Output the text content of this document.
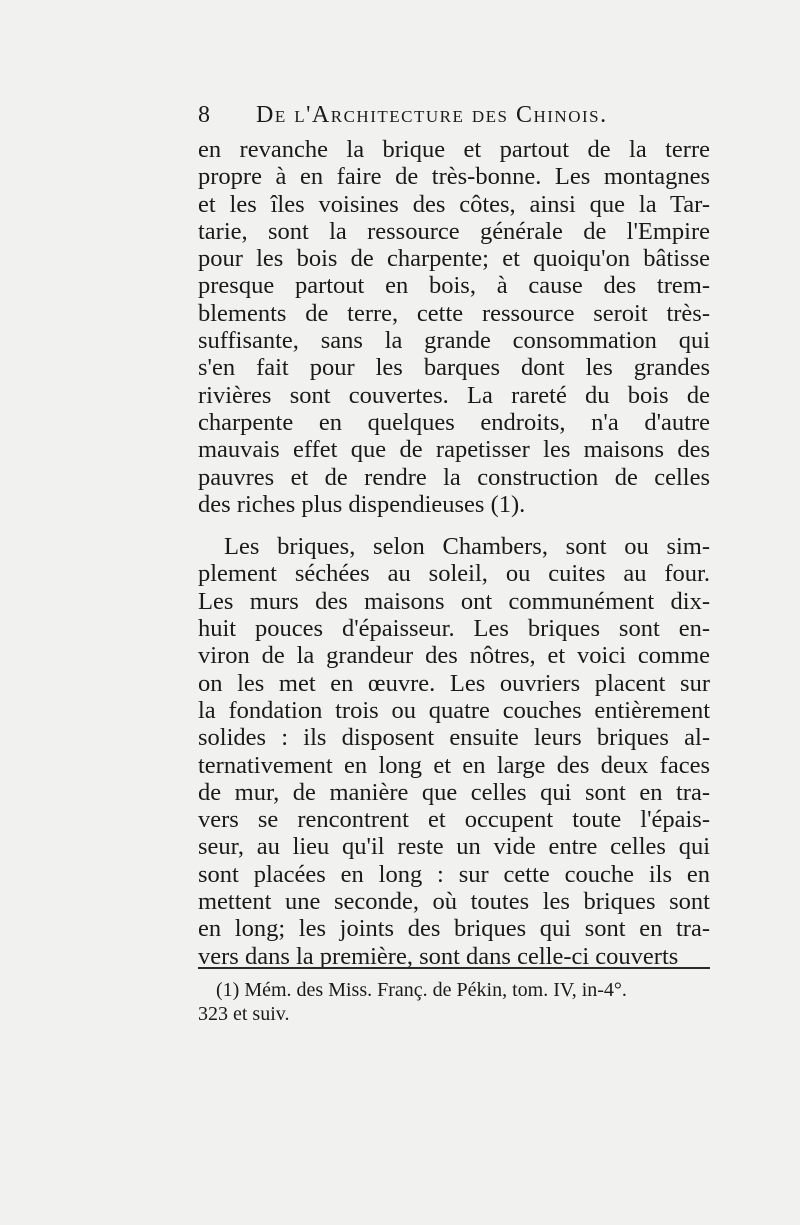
8 De l'Architecture des Chinois.
en revanche la brique et partout de la terre
propre à en faire de très-bonne. Les montagnes
et les îles voisines des côtes, ainsi que la Tar-
tarie, sont la ressource générale de l'Empire
pour les bois de charpente; et quoiqu'on bâtisse
presque partout en bois, à cause des trem-
blements de terre, cette ressource seroit très-
suffisante, sans la grande consommation qui
s'en fait pour les barques dont les grandes
rivières sont couvertes. La rareté du bois de
charpente en quelques endroits, n'a d'autre
mauvais effet que de rapetisser les maisons des
pauvres et de rendre la construction de celles
des riches plus dispendieuses (1).
Les briques, selon Chambers, sont ou sim-
plement séchées au soleil, ou cuites au four.
Les murs des maisons ont communément dix-
huit pouces d'épaisseur. Les briques sont en-
viron de la grandeur des nôtres, et voici comme
on les met en œuvre. Les ouvriers placent sur
la fondation trois ou quatre couches entièrement
solides : ils disposent ensuite leurs briques al-
ternativement en long et en large des deux faces
de mur, de manière que celles qui sont en tra-
vers se rencontrent et occupent toute l'épais-
seur, au lieu qu'il reste un vide entre celles qui
sont placées en long : sur cette couche ils en
mettent une seconde, où toutes les briques sont
en long; les joints des briques qui sont en tra-
vers dans la première, sont dans celle-ci couverts
(1) Mém. des Miss. Franç. de Pékin, tom. IV, in-4°.
323 et suiv.
